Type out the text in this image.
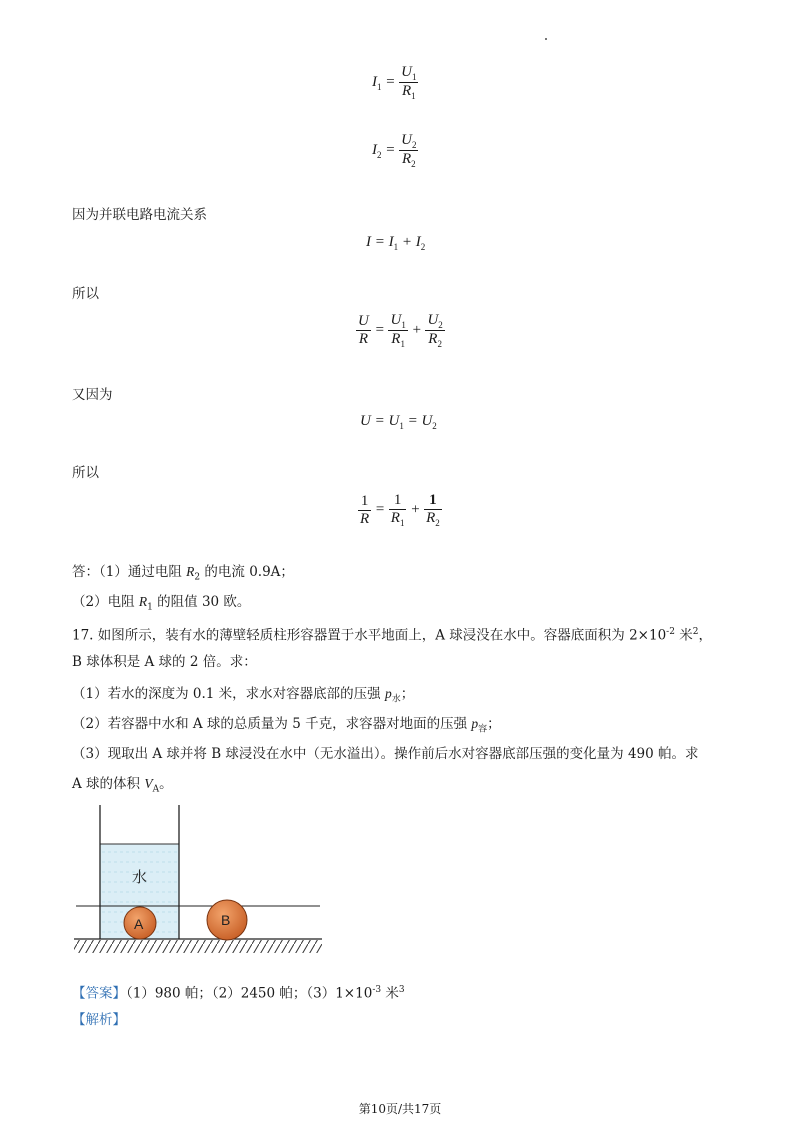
$I_1 = \frac{U_1}{R_1}$
$I_2 = \frac{U_2}{R_2}$
因为并联电路电流关系
$I = I_1 + I_2$
所以
$\frac{U}{R} = \frac{U_1}{R_1} + \frac{U_2}{R_2}$
又因为
$U = U_1 = U_2$
所以
$\frac{1}{R} = \frac{1}{R_1} + \frac{1}{R_2}$
答：（1）通过电阻 $R_2$ 的电流 0.9A；
（2）电阻 $R_1$ 的阻值 30 欧。
17. 如图所示，装有水的薄壁轻质柱形容器置于水平地面上，A 球浸没在水中。容器底面积为 $2\times 10^{-2}$ 米$^2$，
B 球体积是 A 球的 2 倍。求：
（1）若水的深度为 0.1 米，求水对容器底部的压强 $p_水$；
（2）若容器中水和 A 球的总质量为 5 千克，求容器对地面的压强 $p_容$；
（3）现取出 A 球并将 B 球浸没在水中（无水溢出）。操作前后水对容器底部压强的变化量为 490 帕。求
A 球的体积 $V_A$。
水
A	B
【答案】（1）980 帕；（2）2450 帕；$(3)1\times 10^{-3}$ 米$^3$
【解析】
第10页/共17页
